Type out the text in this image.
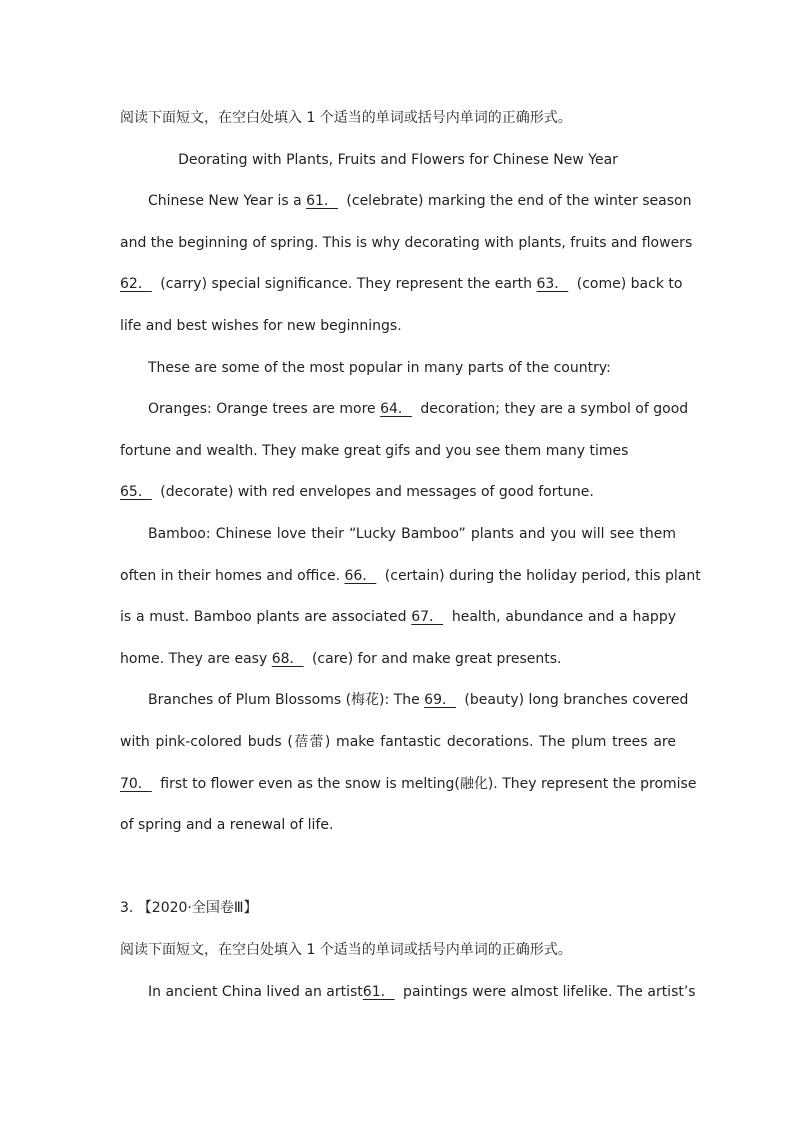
阅读下面短文，在空白处填入 1 个适当的单词或括号内单词的正确形式。
Deorating with Plants, Fruits and Flowers for Chinese New Year
Chinese New Year is a 61． (celebrate) marking the end of the winter season
and the beginning of spring. This is why decorating with plants, fruits and flowers
62． (carry) special significance. They represent the earth 63． (come) back to
life and best wishes for new beginnings.
These are some of the most popular in many parts of the country:
Oranges: Orange trees are more 64． decoration; they are a symbol of good
fortune and wealth. They make great gifs and you see them many times
65． (decorate) with red envelopes and messages of good fortune.
Bamboo: Chinese love their “Lucky Bamboo” plants and you will see them
often in their homes and office. 66． (certain) during the holiday period, this plant
is a must. Bamboo plants are associated 67． health, abundance and a happy
home. They are easy 68． (care) for and make great presents.
Branches of Plum Blossoms (梅花): The 69． (beauty) long branches covered
with pink-colored buds (蓓蕾) make fantastic decorations. The plum trees are
70． first to flower even as the snow is melting(融化). They represent the promise
of spring and a renewal of life.
3. 【2020·全国卷Ⅲ】
阅读下面短文，在空白处填入 1 个适当的单词或括号内单词的正确形式。
In ancient China lived an artist61． paintings were almost lifelike. The artist’s
